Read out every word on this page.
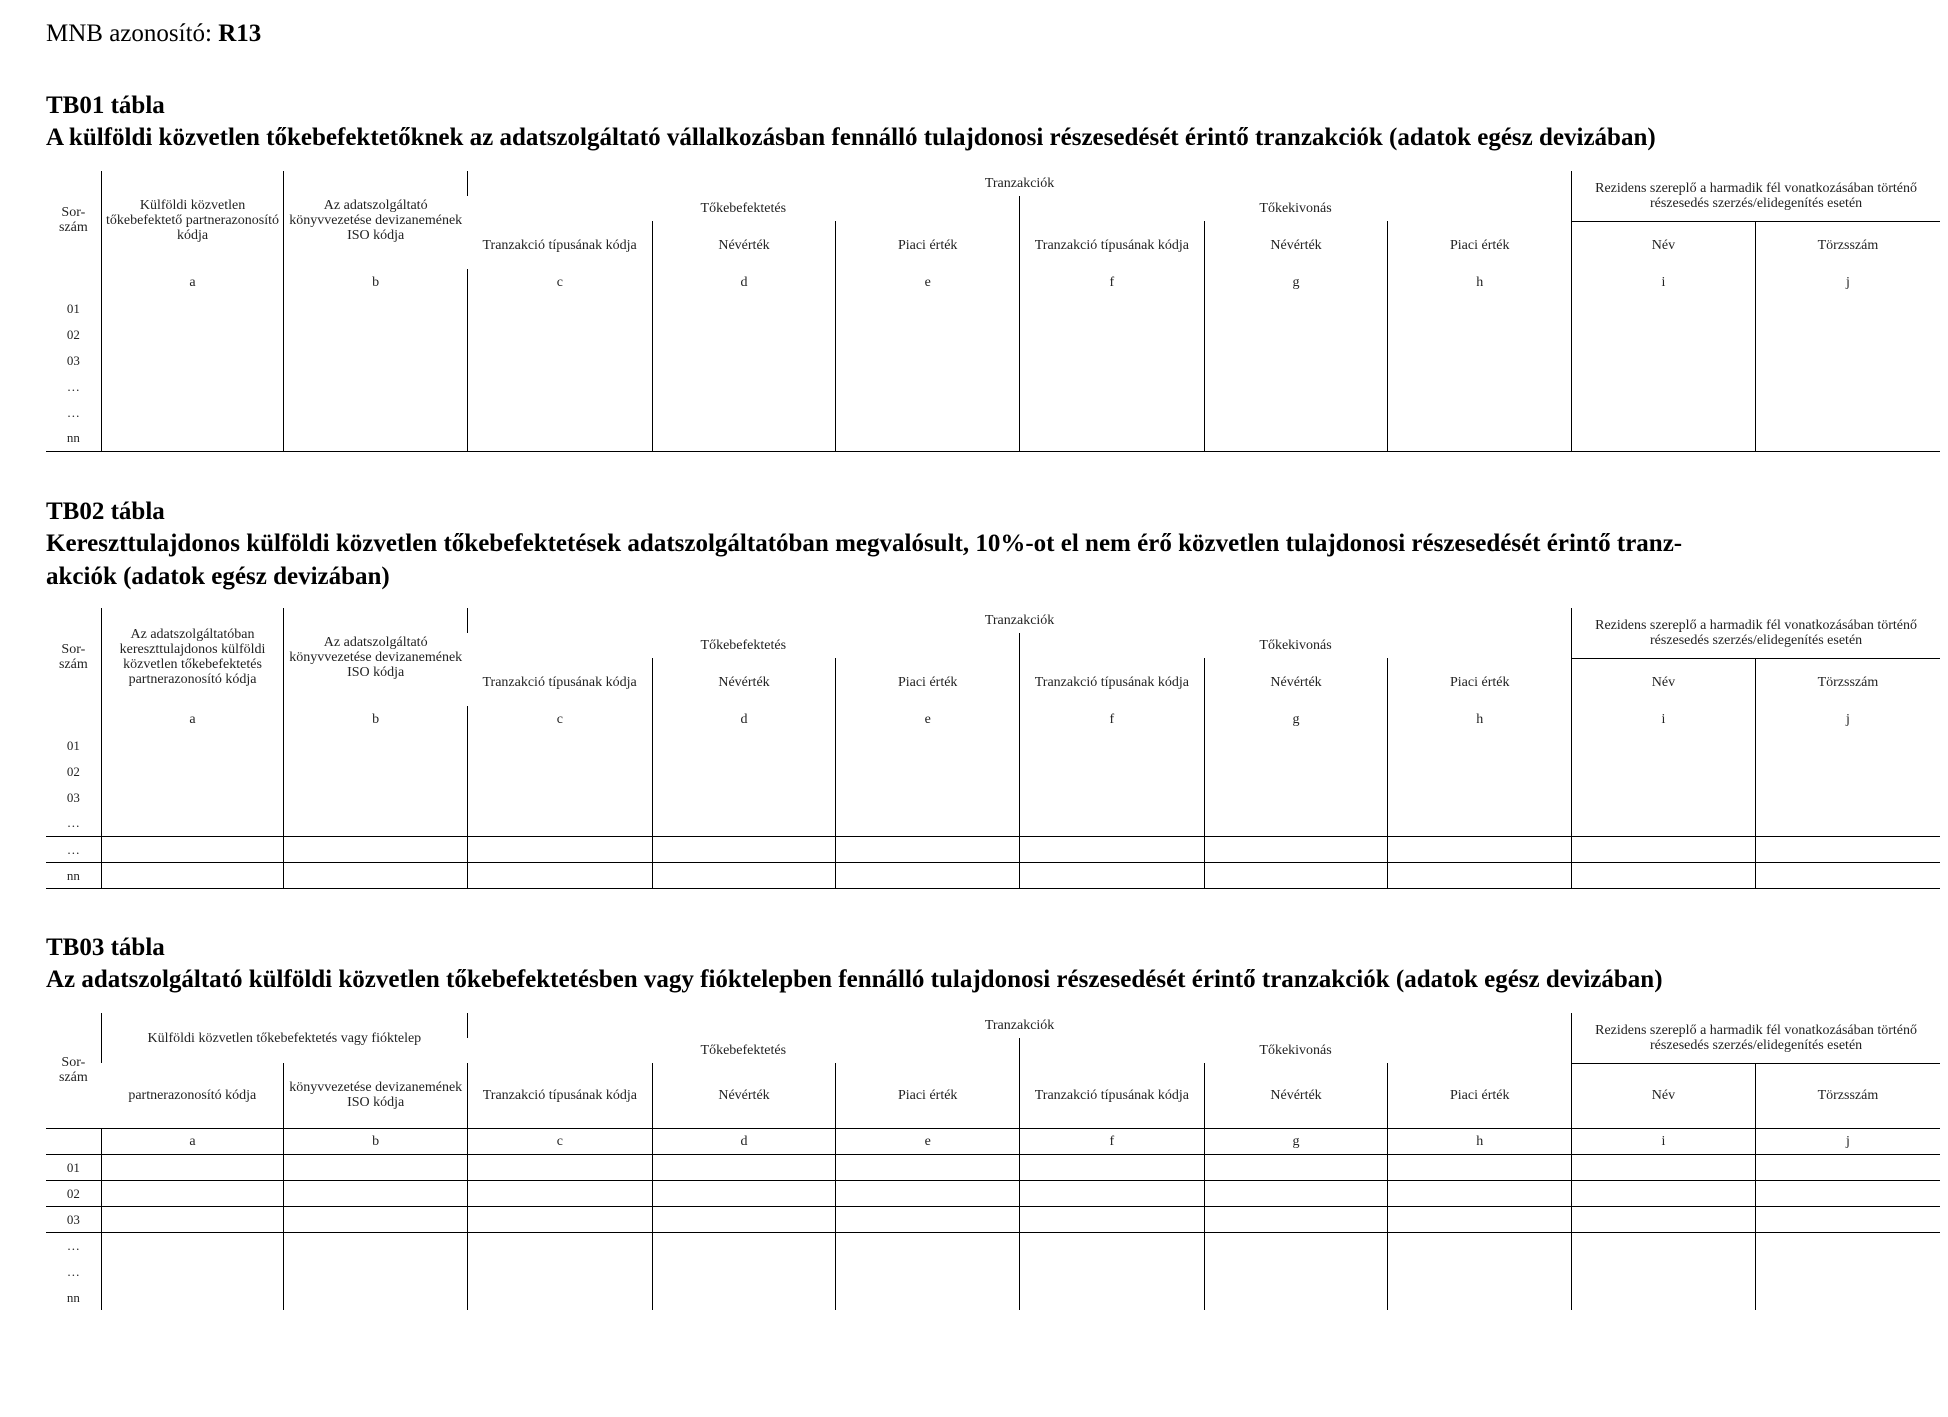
MNB azonosító: R13

TB01 tábla

A külföldi közvetlen tőkebefektetőknek az adatszolgáltató vállalkozásban fennálló tulajdonosi részesedését érintő tranzakciók (adatok egész devizában)

Sor-szám	Külföldi közvetlen tőkebefektető partnerazonosító kódja	Az adatszolgáltató könyvvezetése devizanemének ISO kódja	Tranzakciók						Rezidens szereplő a harmadik fél vonatkozásában történő részesedés szerzés/elidegenítés esetén	
			Tőkebefektetés			Tőkekivonás				
			Tranzakció típusának kódja	Névérték	Piaci érték	Tranzakció típusának kódja	Névérték	Piaci érték	Név	Törzsszám
	a	b	c	d	e	f	g	h	i	j
01										
02										
03										
…										
…										
nn										

TB02 tábla

Kereszttulajdonos külföldi közvetlen tőkebefektetések adatszolgáltatóban megvalósult, 10%-ot el nem érő közvetlen tulajdonosi részesedését érintő tranz-

akciók (adatok egész devizában)

Sor-szám	Az adatszolgáltatóban kereszttulajdonos külföldi közvetlen tőkebefektetés partnerazonosító kódja	Az adatszolgáltató könyvvezetése devizanemének ISO kódja	Tranzakciók						Rezidens szereplő a harmadik fél vonatkozásában történő részesedés szerzés/elidegenítés esetén	
			Tőkebefektetés			Tőkekivonás				
			Tranzakció típusának kódja	Névérték	Piaci érték	Tranzakció típusának kódja	Névérték	Piaci érték	Név	Törzsszám
	a	b	c	d	e	f	g	h	i	j
01										
02										
03										
…										
…										
nn										

TB03 tábla

Az adatszolgáltató külföldi közvetlen tőkebefektetésben vagy fióktelepben fennálló tulajdonosi részesedését érintő tranzakciók (adatok egész devizában)

Sor-szám	Külföldi közvetlen tőkebefektetés vagy fióktelep		Tranzakciók						Rezidens szereplő a harmadik fél vonatkozásában történő részesedés szerzés/elidegenítés esetén	
			Tőkebefektetés			Tőkekivonás				
	partnerazonosító kódja	könyvvezetése devizanemének ISO kódja	Tranzakció típusának kódja	Névérték	Piaci érték	Tranzakció típusának kódja	Névérték	Piaci érték	Név	Törzsszám
	a	b	c	d	e	f	g	h	i	j
01										
02										
03										
…										
…										
nn										
